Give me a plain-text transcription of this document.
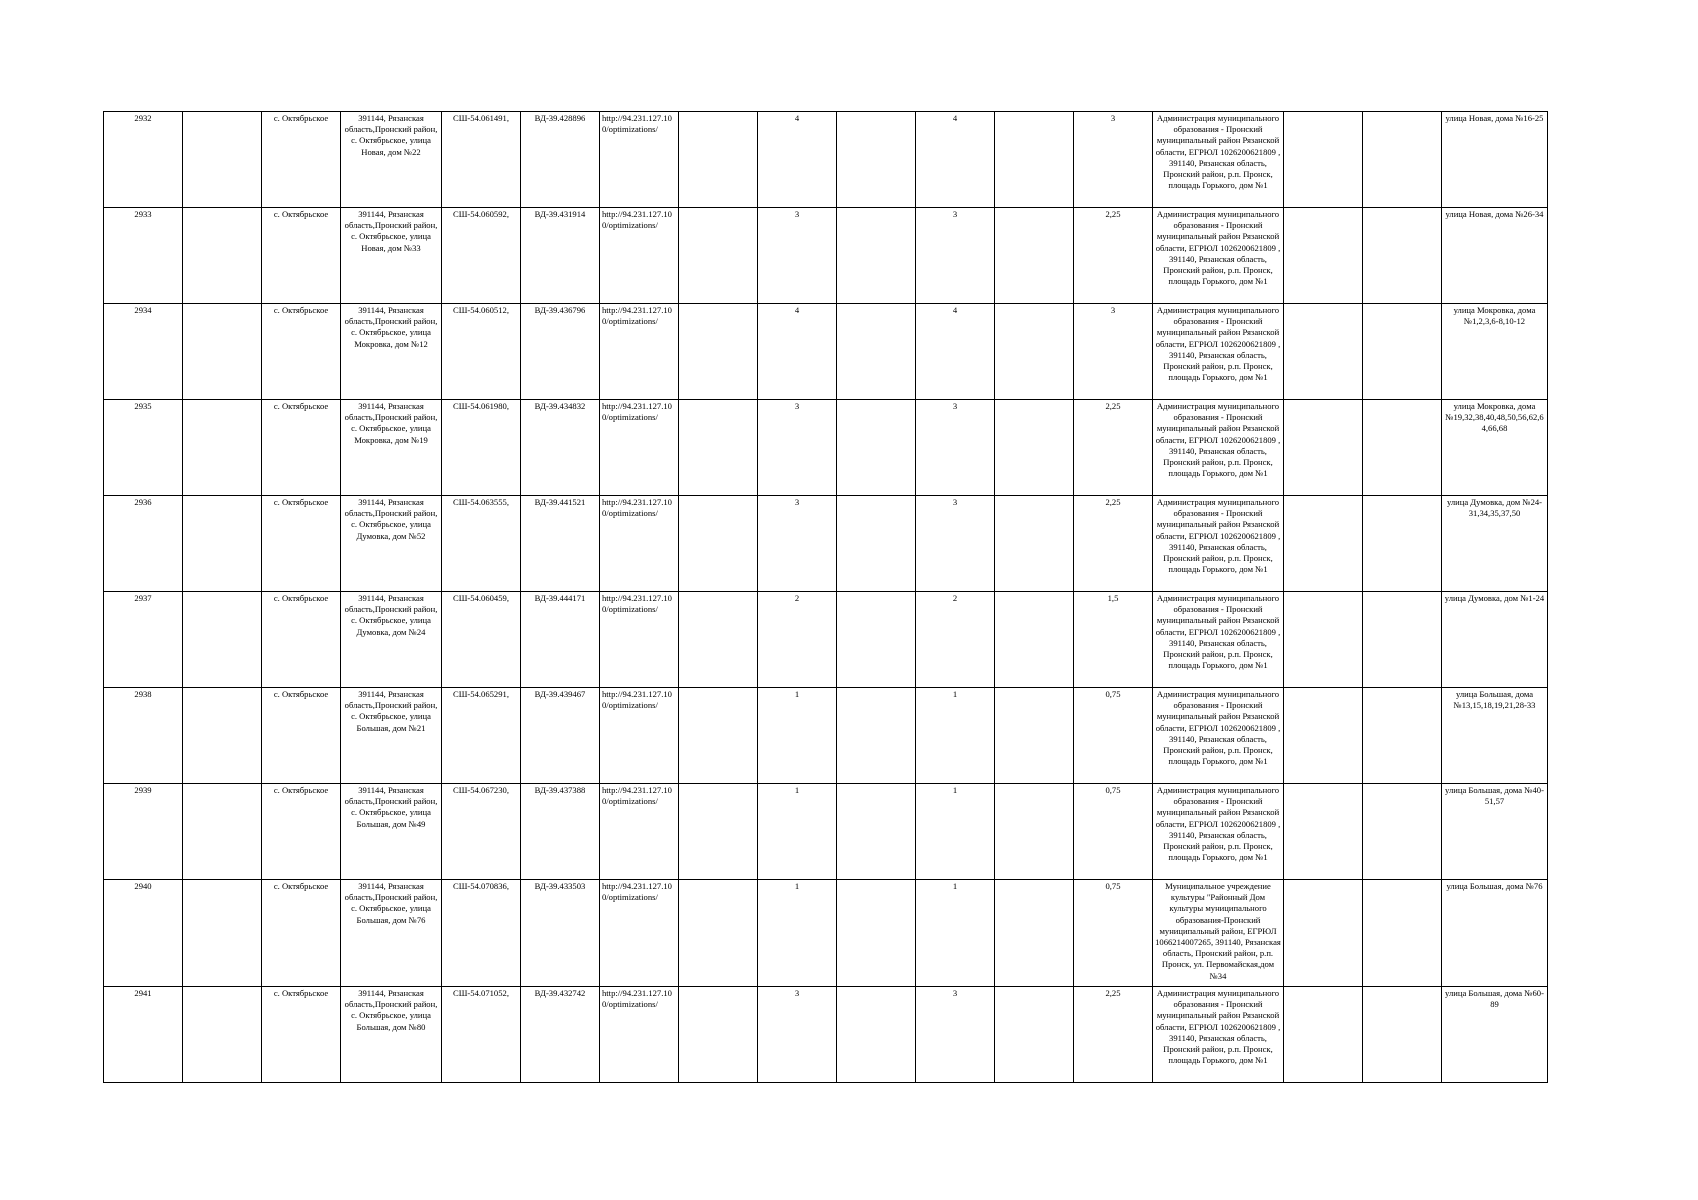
2932		с. Октябрьское	391144, Рязанская область,Пронский район, с. Октябрьское, улица Новая, дом №22	СШ-54.061491,	ВД-39.428896	http://94.231.127.100/optimizations/		4		4		3	Администрация муниципального образования - Пронский муниципальный район Рязанской области, ЕГРЮЛ 1026200621809 , 391140, Рязанская область, Пронский район, р.п. Пронск, площадь Горького, дом №1			улица Новая, дома №16-25
2933		с. Октябрьское	391144, Рязанская область,Пронский район, с. Октябрьское, улица Новая, дом №33	СШ-54.060592,	ВД-39.431914	http://94.231.127.100/optimizations/		3		3		2,25	Администрация муниципального образования - Пронский муниципальный район Рязанской области, ЕГРЮЛ 1026200621809 , 391140, Рязанская область, Пронский район, р.п. Пронск, площадь Горького, дом №1			улица Новая, дома №26-34
2934		с. Октябрьское	391144, Рязанская область,Пронский район, с. Октябрьское, улица Мокровка, дом №12	СШ-54.060512,	ВД-39.436796	http://94.231.127.100/optimizations/		4		4		3	Администрация муниципального образования - Пронский муниципальный район Рязанской области, ЕГРЮЛ 1026200621809 , 391140, Рязанская область, Пронский район, р.п. Пронск, площадь Горького, дом №1			улица Мокровка, дома №1,2,3,6-8,10-12
2935		с. Октябрьское	391144, Рязанская область,Пронский район, с. Октябрьское, улица Мокровка, дом №19	СШ-54.061980,	ВД-39.434832	http://94.231.127.100/optimizations/		3		3		2,25	Администрация муниципального образования - Пронский муниципальный район Рязанской области, ЕГРЮЛ 1026200621809 , 391140, Рязанская область, Пронский район, р.п. Пронск, площадь Горького, дом №1			улица Мокровка, дома №19,32,38,40,48,50,56,62,64,66,68
2936		с. Октябрьское	391144, Рязанская область,Пронский район, с. Октябрьское, улица Думовка, дом №52	СШ-54.063555,	ВД-39.441521	http://94.231.127.100/optimizations/		3		3		2,25	Администрация муниципального образования - Пронский муниципальный район Рязанской области, ЕГРЮЛ 1026200621809 , 391140, Рязанская область, Пронский район, р.п. Пронск, площадь Горького, дом №1			улица Думовка, дом №24-31,34,35,37,50
2937		с. Октябрьское	391144, Рязанская область,Пронский район, с. Октябрьское, улица Думовка, дом №24	СШ-54.060459,	ВД-39.444171	http://94.231.127.100/optimizations/		2		2		1,5	Администрация муниципального образования - Пронский муниципальный район Рязанской области, ЕГРЮЛ 1026200621809 , 391140, Рязанская область, Пронский район, р.п. Пронск, площадь Горького, дом №1			улица Думовка, дом №1-24
2938		с. Октябрьское	391144, Рязанская область,Пронский район, с. Октябрьское, улица Большая, дом №21	СШ-54.065291,	ВД-39.439467	http://94.231.127.100/optimizations/		1		1		0,75	Администрация муниципального образования - Пронский муниципальный район Рязанской области, ЕГРЮЛ 1026200621809 , 391140, Рязанская область, Пронский район, р.п. Пронск, площадь Горького, дом №1			улица Большая, дома №13,15,18,19,21,28-33
2939		с. Октябрьское	391144, Рязанская область,Пронский район, с. Октябрьское, улица Большая, дом №49	СШ-54.067230,	ВД-39.437388	http://94.231.127.100/optimizations/		1		1		0,75	Администрация муниципального образования - Пронский муниципальный район Рязанской области, ЕГРЮЛ 1026200621809 , 391140, Рязанская область, Пронский район, р.п. Пронск, площадь Горького, дом №1			улица Большая, дома №40-51,57
2940		с. Октябрьское	391144, Рязанская область,Пронский район, с. Октябрьское, улица Большая, дом №76	СШ-54.070836,	ВД-39.433503	http://94.231.127.100/optimizations/		1		1		0,75	Муниципальное учреждение культуры "Районный Дом культуры муниципального образования-Пронский муниципальный район, ЕГРЮЛ 1066214007265, 391140, Рязанская область, Пронский район, р.п. Пронск, ул. Первомайская,дом №34			улица Большая, дома №76
2941		с. Октябрьское	391144, Рязанская область,Пронский район, с. Октябрьское, улица Большая, дом №80	СШ-54.071052,	ВД-39.432742	http://94.231.127.100/optimizations/		3		3		2,25	Администрация муниципального образования - Пронский муниципальный район Рязанской области, ЕГРЮЛ 1026200621809 , 391140, Рязанская область, Пронский район, р.п. Пронск, площадь Горького, дом №1			улица Большая, дома №60-89
